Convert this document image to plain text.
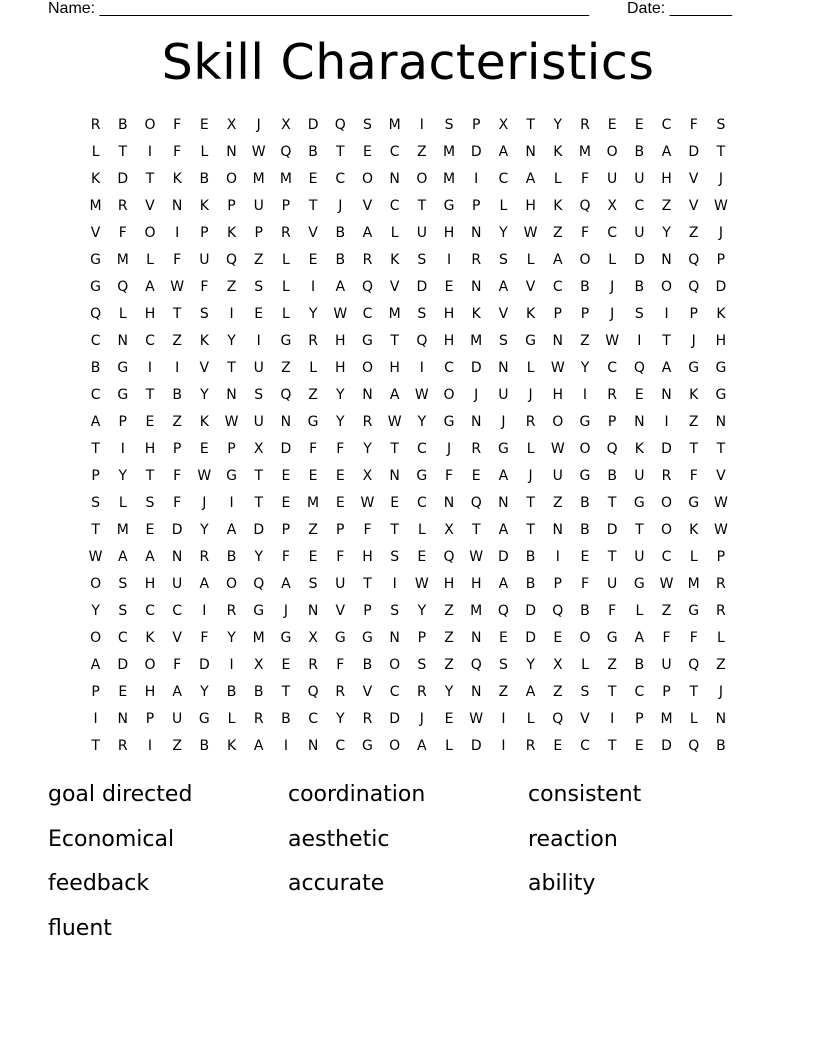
Name: _______________________________________________________ Date: _______
Skill Characteristics
R	B	O	F	E	X	J	X	D	Q	S	M	I	S	P	X	T	Y	R	E	E	C	F	S
L	T	I	F	L	N	W	Q	B	T	E	C	Z	M	D	A	N	K	M	O	B	A	D	T
K	D	T	K	B	O	M	M	E	C	O	N	O	M	I	C	A	L	F	U	U	H	V	J
M	R	V	N	K	P	U	P	T	J	V	C	T	G	P	L	H	K	Q	X	C	Z	V	W
V	F	O	I	P	K	P	R	V	B	A	L	U	H	N	Y	W	Z	F	C	U	Y	Z	J
G	M	L	F	U	Q	Z	L	E	B	R	K	S	I	R	S	L	A	O	L	D	N	Q	P
G	Q	A	W	F	Z	S	L	I	A	Q	V	D	E	N	A	V	C	B	J	B	O	Q	D
Q	L	H	T	S	I	E	L	Y	W	C	M	S	H	K	V	K	P	P	J	S	I	P	K
C	N	C	Z	K	Y	I	G	R	H	G	T	Q	H	M	S	G	N	Z	W	I	T	J	H
B	G	I	I	V	T	U	Z	L	H	O	H	I	C	D	N	L	W	Y	C	Q	A	G	G
C	G	T	B	Y	N	S	Q	Z	Y	N	A	W	O	J	U	J	H	I	R	E	N	K	G
A	P	E	Z	K	W	U	N	G	Y	R	W	Y	G	N	J	R	O	G	P	N	I	Z	N
T	I	H	P	E	P	X	D	F	F	Y	T	C	J	R	G	L	W	O	Q	K	D	T	T
P	Y	T	F	W	G	T	E	E	E	X	N	G	F	E	A	J	U	G	B	U	R	F	V
S	L	S	F	J	I	T	E	M	E	W	E	C	N	Q	N	T	Z	B	T	G	O	G	W
T	M	E	D	Y	A	D	P	Z	P	F	T	L	X	T	A	T	N	B	D	T	O	K	W
W	A	A	N	R	B	Y	F	E	F	H	S	E	Q	W	D	B	I	E	T	U	C	L	P
O	S	H	U	A	O	Q	A	S	U	T	I	W	H	H	A	B	P	F	U	G	W	M	R
Y	S	C	C	I	R	G	J	N	V	P	S	Y	Z	M	Q	D	Q	B	F	L	Z	G	R
O	C	K	V	F	Y	M	G	X	G	G	N	P	Z	N	E	D	E	O	G	A	F	F	L
A	D	O	F	D	I	X	E	R	F	B	O	S	Z	Q	S	Y	X	L	Z	B	U	Q	Z
P	E	H	A	Y	B	B	T	Q	R	V	C	R	Y	N	Z	A	Z	S	T	C	P	T	J
I	N	P	U	G	L	R	B	C	Y	R	D	J	E	W	I	L	Q	V	I	P	M	L	N
T	R	I	Z	B	K	A	I	N	C	G	O	A	L	D	I	R	E	C	T	E	D	Q	B
goal directed	coordination	consistent
Economical	aesthetic	reaction
feedback	accurate	ability
fluent
